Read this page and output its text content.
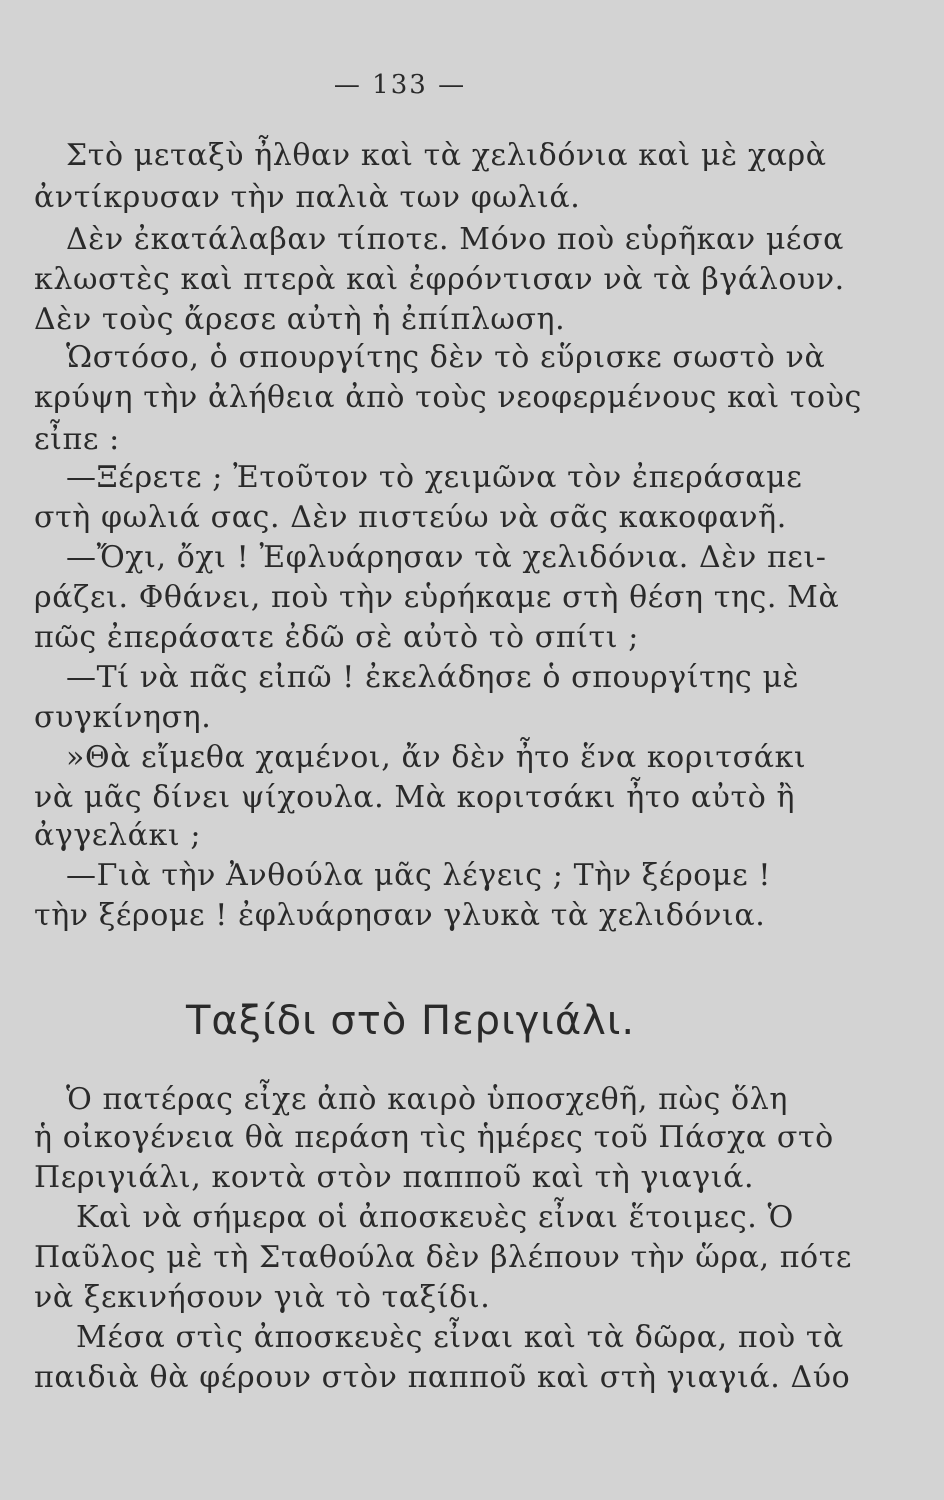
— 133 —
Στὸ μεταξὺ ἦλθαν καὶ τὰ χελιδόνια καὶ μὲ χαρὰ
ἀντίκρυσαν τὴν παλιὰ των φωλιά.
Δὲν ἐκατάλαβαν τίποτε. Μόνο ποὺ εὑρῆκαν μέσα
κλωστὲς καὶ πτερὰ καὶ ἐφρόντισαν νὰ τὰ βγάλουν.
Δὲν τοὺς ἄρεσε αὐτὴ ἡ ἐπίπλωση.
Ὡστόσο, ὁ σπουργίτης δὲν τὸ εὕρισκε σωστὸ νὰ
κρύψη τὴν ἀλήθεια ἀπὸ τοὺς νεοφερμένους καὶ τοὺς
εἶπε :
—Ξέρετε ; Ἐτοῦτον τὸ χειμῶνα τὸν ἐπεράσαμε
στὴ φωλιά σας. Δὲν πιστεύω νὰ σᾶς κακοφανῆ.
—Ὄχι, ὄχι ! Ἐφλυάρησαν τὰ χελιδόνια. Δὲν πει-
ράζει. Φθάνει, ποὺ τὴν εὑρήκαμε στὴ θέση της. Μὰ
πῶς ἐπεράσατε ἐδῶ σὲ αὐτὸ τὸ σπίτι ;
—Τί νὰ πᾶς εἰπῶ ! ἐκελάδησε ὁ σπουργίτης μὲ
συγκίνηση.
»Θὰ εἴμεθα χαμένοι, ἄν δὲν ἦτο ἕνα κοριτσάκι
νὰ μᾶς δίνει ψίχουλα. Μὰ κοριτσάκι ἦτο αὐτὸ ἢ
ἀγγελάκι ;
—Γιὰ τὴν Ἀνθούλα μᾶς λέγεις ; Τὴν ξέρομε !
τὴν ξέρομε ! ἐφλυάρησαν γλυκὰ τὰ χελιδόνια.
Ταξίδι στὸ Περιγιάλι.
Ὁ πατέρας εἶχε ἀπὸ καιρὸ ὑποσχεθῆ, πὼς ὅλη
ἡ οἰκογένεια θὰ περάση τὶς ἡμέρες τοῦ Πάσχα στὸ
Περιγιάλι, κοντὰ στὸν παπποῦ καὶ τὴ γιαγιά.
Καὶ νὰ σήμερα οἱ ἀποσκευὲς εἶναι ἕτοιμες. Ὁ
Παῦλος μὲ τὴ Σταθούλα δὲν βλέπουν τὴν ὥρα, πότε
νὰ ξεκινήσουν γιὰ τὸ ταξίδι.
Μέσα στὶς ἀποσκευὲς εἶναι καὶ τὰ δῶρα, ποὺ τὰ
παιδιὰ θὰ φέρουν στὸν παπποῦ καὶ στὴ γιαγιά. Δύο
